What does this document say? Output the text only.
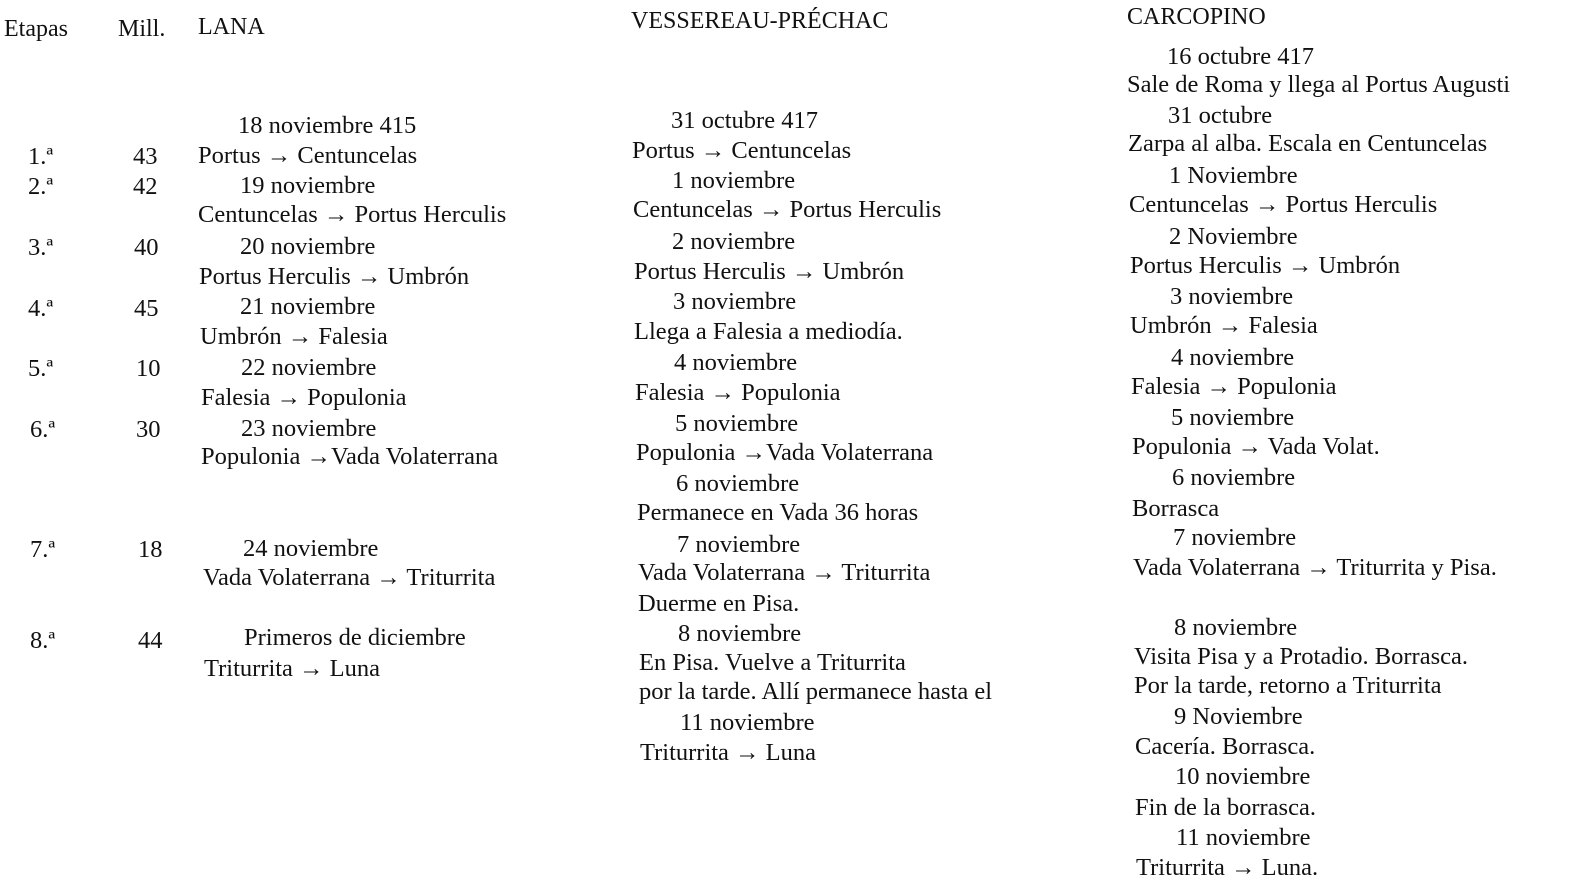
Etapas Mill. LANA	VESSEREAU-PRÉCHAC	CARCOPINO
1.ª
2.ª
3.ª
4.ª
5.ª
6.ª
7.ª
8.ª
43
42
40
45
10
30
18
44
18 noviembre 415
Portus → Centuncelas
19 noviembre
Centuncelas → Portus Herculis
20 noviembre
Portus Herculis → Umbrón
21 noviembre
Umbrón → Falesia
22 noviembre
Falesia → Populonia
23 noviembre
Populonia →Vada Volaterrana
24 noviembre
Vada Volaterrana → Triturrita
Primeros de diciembre
Triturrita → Luna
31 octubre 417
Portus → Centuncelas
1 noviembre
Centuncelas → Portus Herculis
2 noviembre
Portus Herculis → Umbrón
3 noviembre
Llega a Falesia a mediodía.
4 noviembre
Falesia → Populonia
5 noviembre
Populonia →Vada Volaterrana
6 noviembre
Permanece en Vada 36 horas
7 noviembre
Vada Volaterrana → Triturrita
Duerme en Pisa.
8 noviembre
En Pisa. Vuelve a Triturrita
por la tarde. Allí permanece hasta el
11 noviembre
Triturrita → Luna
16 octubre 417
Sale de Roma y llega al Portus Augusti
31 octubre
Zarpa al alba. Escala en Centuncelas
1 Noviembre
Centuncelas → Portus Herculis
2 Noviembre
Portus Herculis → Umbrón
3 noviembre
Umbrón → Falesia
4 noviembre
Falesia → Populonia
5 noviembre
Populonia → Vada Volat.
6 noviembre
Borrasca
7 noviembre
Vada Volaterrana → Triturrita y Pisa.
8 noviembre
Visita Pisa y a Protadio. Borrasca.
Por la tarde, retorno a Triturrita
9 Noviembre
Cacería. Borrasca.
10 noviembre
Fin de la borrasca.
11 noviembre
Triturrita → Luna.
